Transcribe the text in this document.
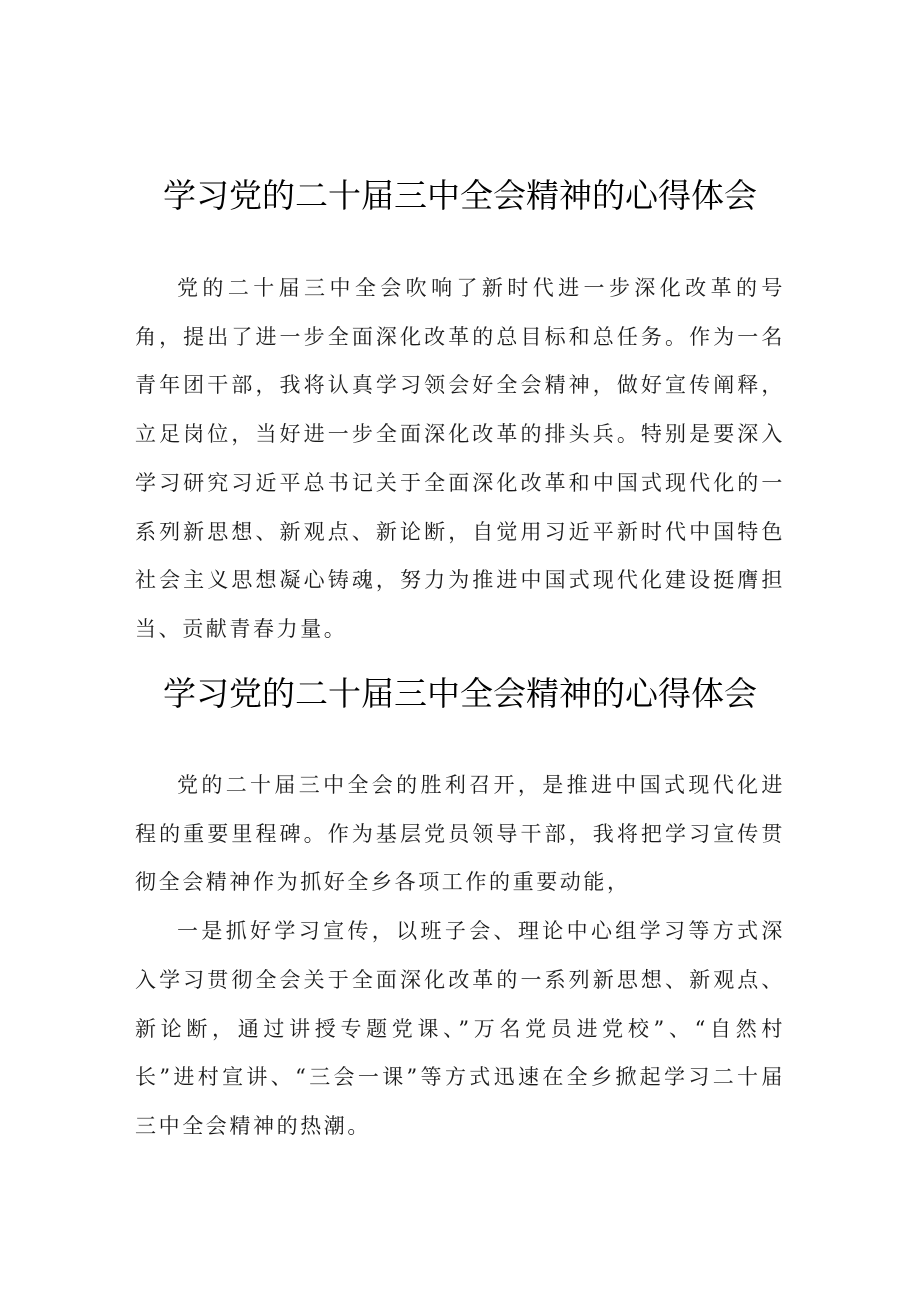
学习党的二十届三中全会精神的心得体会

党的二十届三中全会吹响了新时代进一步深化改革的号角，提出了进一步全面深化改革的总目标和总任务。作为一名青年团干部，我将认真学习领会好全会精神，做好宣传阐释，立足岗位，当好进一步全面深化改革的排头兵。特别是要深入学习研究习近平总书记关于全面深化改革和中国式现代化的一系列新思想、新观点、新论断，自觉用习近平新时代中国特色社会主义思想凝心铸魂，努力为推进中国式现代化建设挺膺担当、贡献青春力量。

学习党的二十届三中全会精神的心得体会

党的二十届三中全会的胜利召开，是推进中国式现代化进程的重要里程碑。作为基层党员领导干部，我将把学习宣传贯彻全会精神作为抓好全乡各项工作的重要动能，

一是抓好学习宣传，以班子会、理论中心组学习等方式深入学习贯彻全会关于全面深化改革的一系列新思想、新观点、新论断，通过讲授专题党课、”万名党员进党校”、“自然村长”进村宣讲、“三会一课”等方式迅速在全乡掀起学习二十届三中全会精神的热潮。
